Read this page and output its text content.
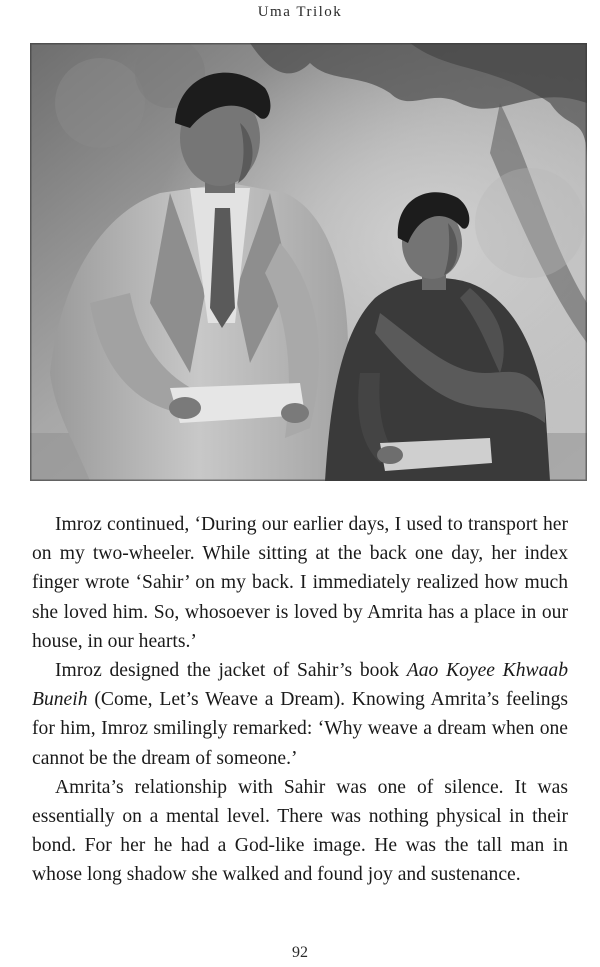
Uma Trilok

Imroz continued, ‘During our earlier days, I used to transport her on my two-wheeler. While sitting at the back one day, her index finger wrote ‘Sahir’ on my back. I immediately realized how much she loved him. So, whosoever is loved by Amrita has a place in our house, in our hearts.’

Imroz designed the jacket of Sahir’s book Aao Koyee Khwaab Buneih (Come, Let’s Weave a Dream). Knowing Amrita’s feelings for him, Imroz smilingly remarked: ‘Why weave a dream when one cannot be the dream of someone.’

Amrita’s relationship with Sahir was one of silence. It was essentially on a mental level. There was nothing physical in their bond. For her he had a God-like image. He was the tall man in whose long shadow she walked and found joy and sustenance.

92
